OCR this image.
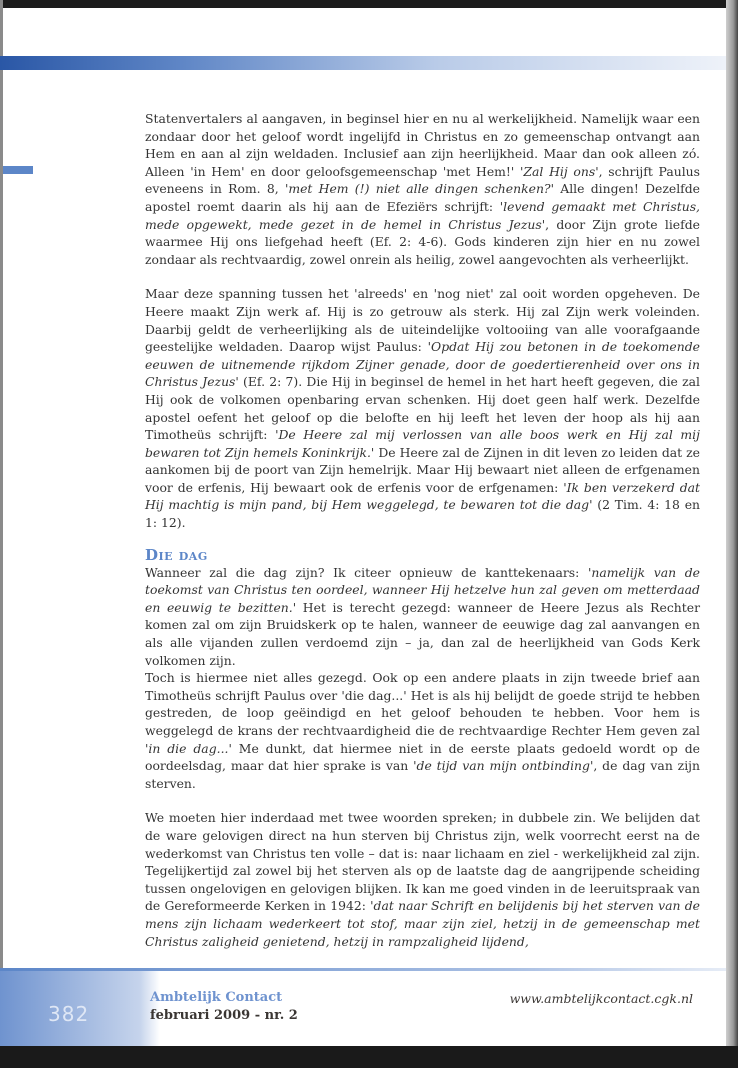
Statenvertalers al aangaven, in beginsel hier en nu al werkelijkheid. Namelijk waar een zondaar door het geloof wordt ingelijfd in Christus en zo gemeenschap ontvangt aan Hem en aan al zijn weldaden. Inclusief aan zijn heerlijkheid. Maar dan ook alleen zó. Alleen 'in Hem' en door geloofsgemeenschap 'met Hem!' 'Zal Hij ons', schrijft Paulus eveneens in Rom. 8, 'met Hem (!) niet alle dingen schenken?' Alle dingen! Dezelfde apostel roemt daarin als hij aan de Efeziërs schrijft: 'levend gemaakt met Christus, mede opgewekt, mede gezet in de hemel in Christus Jezus', door Zijn grote liefde waarmee Hij ons liefgehad heeft (Ef. 2: 4-6). Gods kinderen zijn hier en nu zowel zondaar als rechtvaardig, zowel onrein als heilig, zowel aangevochten als verheerlijkt.

Maar deze spanning tussen het 'alreeds' en 'nog niet' zal ooit worden opgeheven. De Heere maakt Zijn werk af. Hij is zo getrouw als sterk. Hij zal Zijn werk voleinden. Daarbij geldt de verheerlijking als de uiteindelijke voltooiing van alle voorafgaande geestelijke weldaden. Daarop wijst Paulus: 'Opdat Hij zou betonen in de toekomende eeuwen de uitnemende rijkdom Zijner genade, door de goedertierenheid over ons in Christus Jezus' (Ef. 2: 7). Die Hij in beginsel de hemel in het hart heeft gegeven, die zal Hij ook de volkomen openbaring ervan schenken. Hij doet geen half werk. Dezelfde apostel oefent het geloof op die belofte en hij leeft het leven der hoop als hij aan Timotheüs schrijft: 'De Heere zal mij verlossen van alle boos werk en Hij zal mij bewaren tot Zijn hemels Koninkrijk.' De Heere zal de Zijnen in dit leven zo leiden dat ze aankomen bij de poort van Zijn hemelrijk. Maar Hij bewaart niet alleen de erfgenamen voor de erfenis, Hij bewaart ook de erfenis voor de erfgenamen: 'Ik ben verzekerd dat Hij machtig is mijn pand, bij Hem weggelegd, te bewaren tot die dag' (2 Tim. 4: 18 en 1: 12).

Die dag

Wanneer zal die dag zijn? Ik citeer opnieuw de kanttekenaars: 'namelijk van de toekomst van Christus ten oordeel, wanneer Hij hetzelve hun zal geven om metterdaad en eeuwig te bezitten.' Het is terecht gezegd: wanneer de Heere Jezus als Rechter komen zal om zijn Bruidskerk op te halen, wanneer de eeuwige dag zal aanvangen en als alle vijanden zullen verdoemd zijn – ja, dan zal de heerlijkheid van Gods Kerk volkomen zijn.

Toch is hiermee niet alles gezegd. Ook op een andere plaats in zijn tweede brief aan Timotheüs schrijft Paulus over 'die dag...' Het is als hij belijdt de goede strijd te hebben gestreden, de loop geëindigd en het geloof behouden te hebben. Voor hem is weggelegd de krans der rechtvaardigheid die de rechtvaardige Rechter Hem geven zal 'in die dag...' Me dunkt, dat hiermee niet in de eerste plaats gedoeld wordt op de oordeelsdag, maar dat hier sprake is van 'de tijd van mijn ontbinding', de dag van zijn sterven.

We moeten hier inderdaad met twee woorden spreken; in dubbele zin. We belijden dat de ware gelovigen direct na hun sterven bij Christus zijn, welk voorrecht eerst na de wederkomst van Christus ten volle – dat is: naar lichaam en ziel - werkelijkheid zal zijn. Tegelijkertijd zal zowel bij het sterven als op de laatste dag de aangrijpende scheiding tussen ongelovigen en gelovigen blijken. Ik kan me goed vinden in de leeruitspraak van de Gereformeerde Kerken in 1942: 'dat naar Schrift en belijdenis bij het sterven van de mens zijn lichaam wederkeert tot stof, maar zijn ziel, hetzij in de gemeenschap met Christus zaligheid genietend, hetzij in rampzaligheid lijdend,

382
Ambtelijk Contact
februari 2009 - nr. 2
www.ambtelijkcontact.cgk.nl
